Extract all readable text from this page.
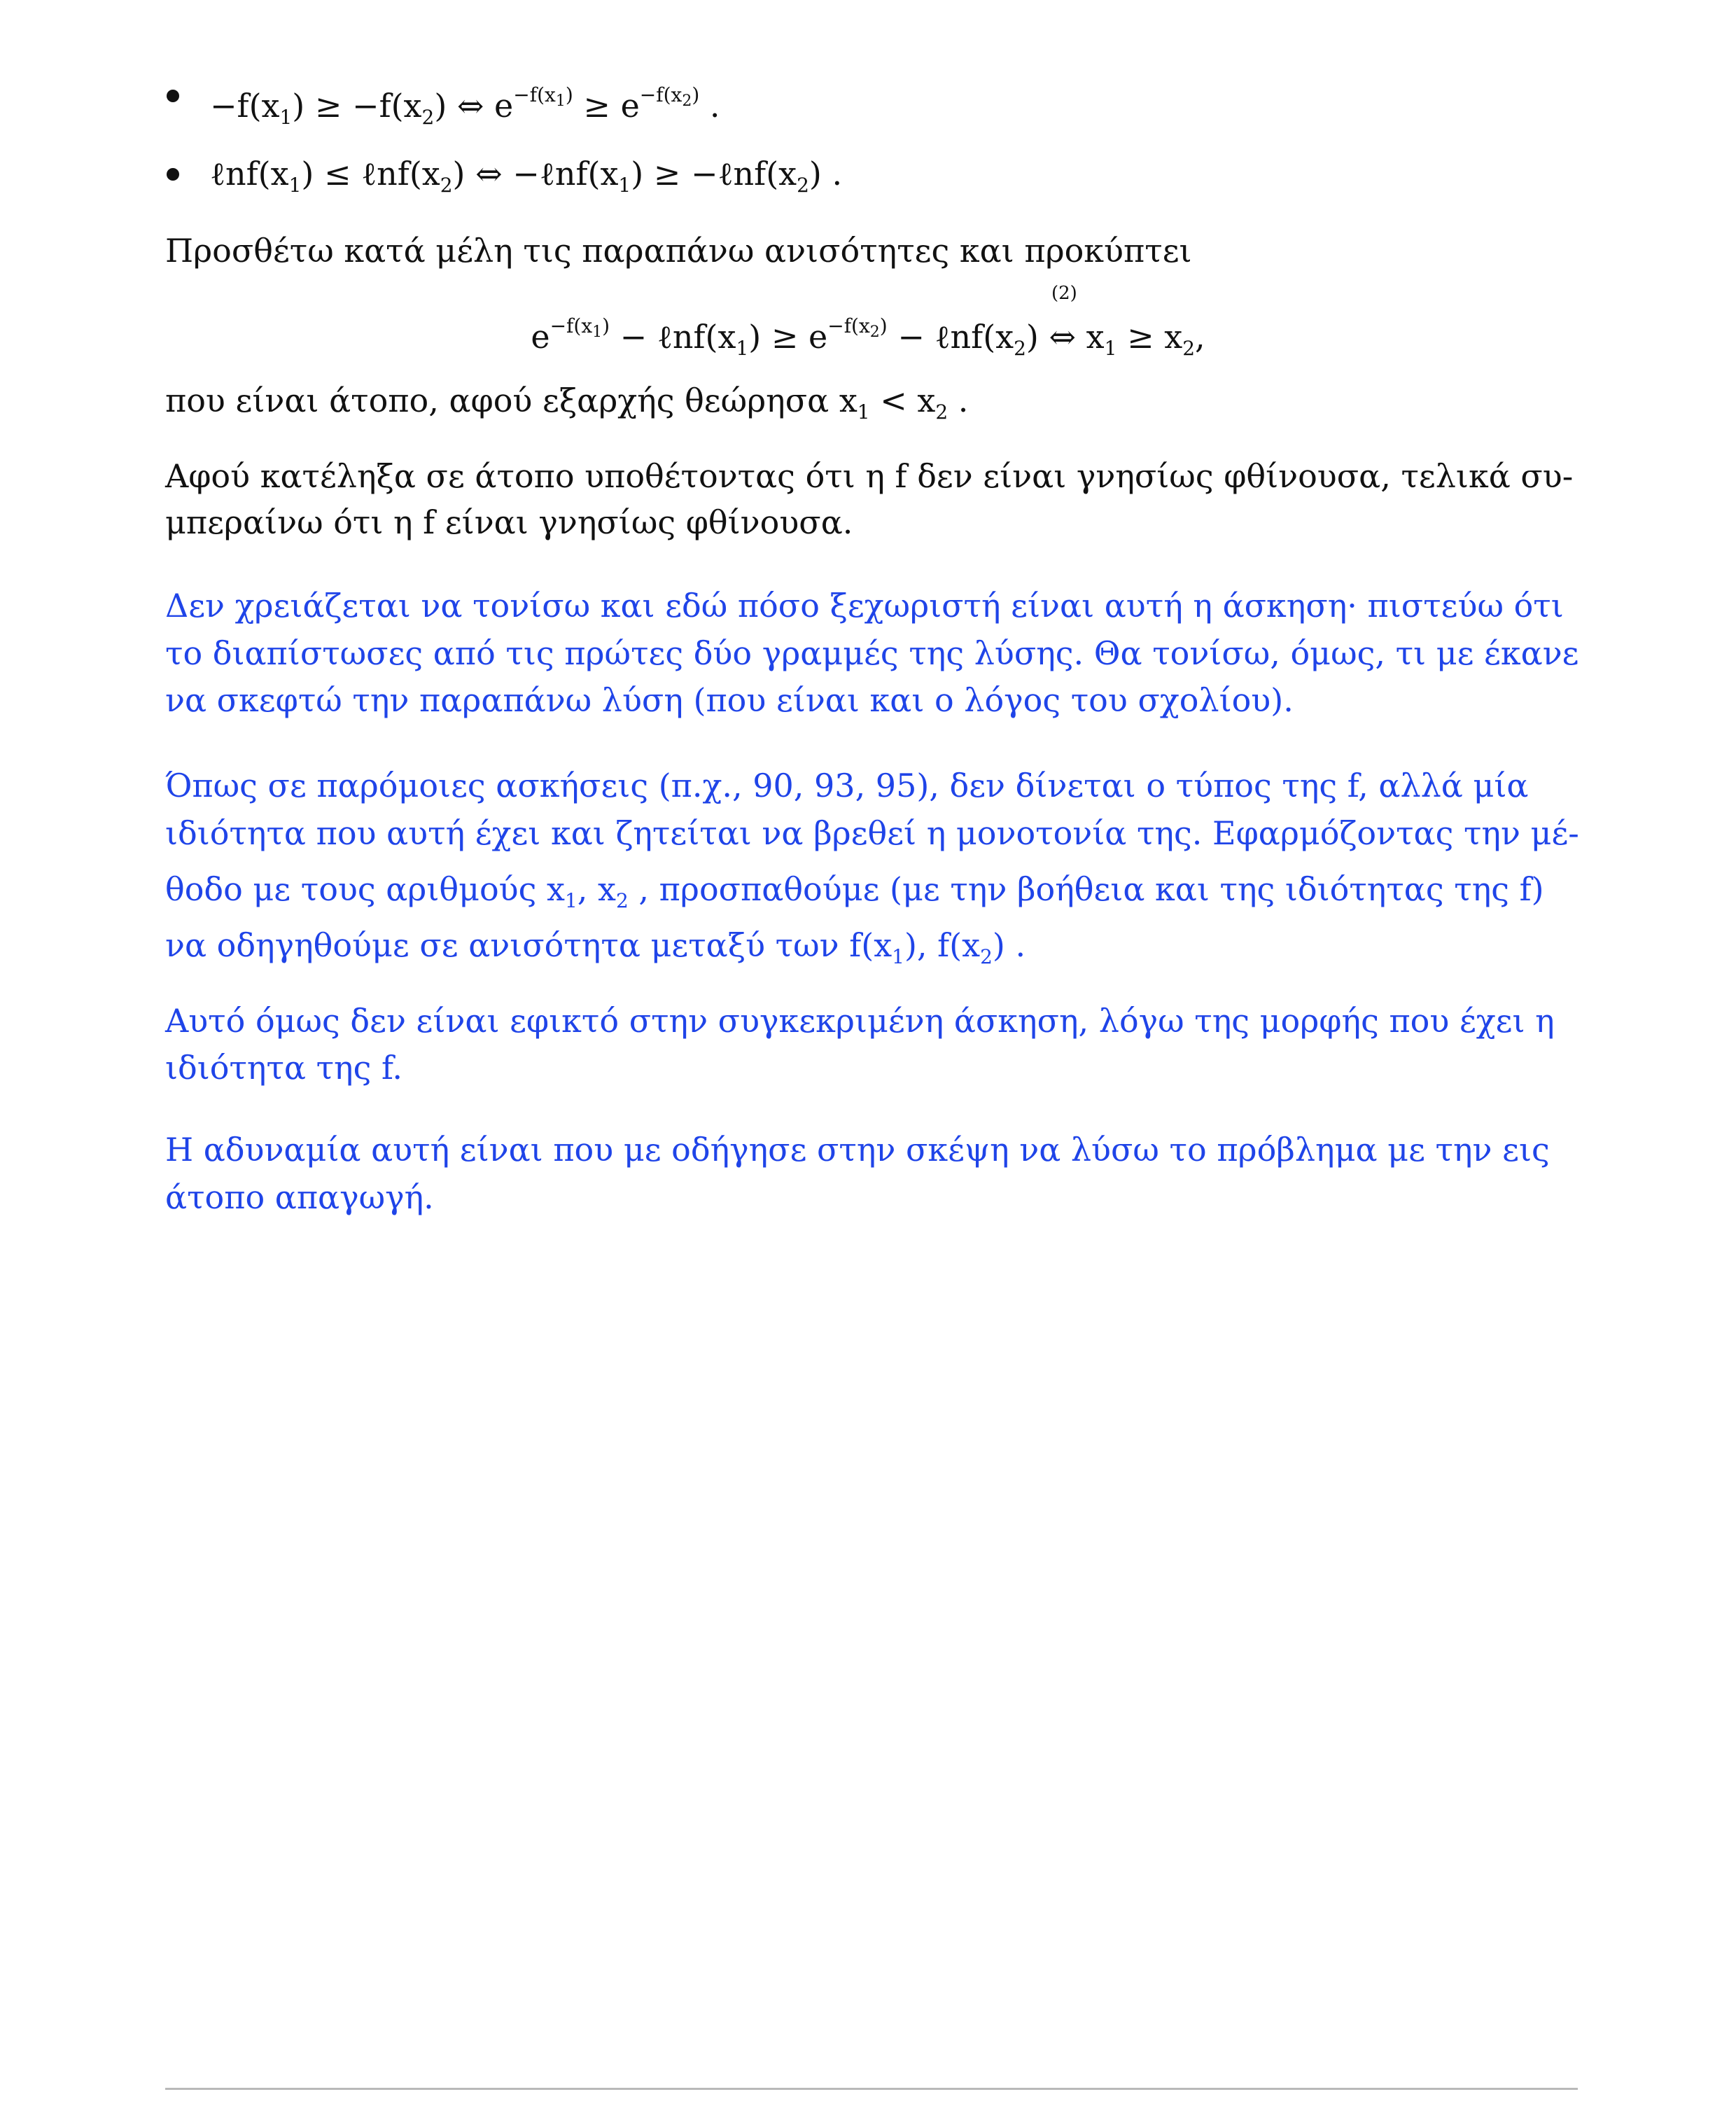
$-f(x_1) \ge -f(x_2)$ ⇔ $e^{-f(x_1)} \ge e^{-f(x_2)}$ .
$\ell nf(x_1)$ ≤ $\ell nf(x_2)$ ⇔ $-\ell nf(x_1)$ ≥ $-\ell nf(x_2)$ .
Προσθέτω κατά μέλη τις παραπάνω ανισότητες και προκύπτει
$e^{-f(x_1)}$ − $\ell nf(x_1) \ge e^{-f(x_2)}$ − $\ell nf(x_2)$ ⇔ $x_1 \ge x_2$,
(2)
που είναι άτοπο, αφού εξαρχής θεώρησα $x_1 < x_2$ .
Αφού κατέληξα σε άτοπο υποθέτοντας ότι η f δεν είναι γνησίως φθίνουσα, τελικά συ-
μπεραίνω ότι η f είναι γνησίως φθίνουσα.
Δεν χρειάζεται να τονίσω και εδώ πόσο ξεχωριστή είναι αυτή η άσκηση· πιστεύω ότι
το διαπίστωσες από τις πρώτες δύο γραμμές της λύσης. Θα τονίσω, όμως, τι με έκανε
να σκεφτώ την παραπάνω λύση (που είναι και ο λόγος του σχολίου).
Όπως σε παρόμοιες ασκήσεις (π.χ., 90, 93, 95), δεν δίνεται ο τύπος της f, αλλά μία
ιδιότητα που αυτή έχει και ζητείται να βρεθεί η μονοτονία της. Εφαρμόζοντας την μέ-
θοδο με τους αριθμούς $x_1$, $x_2$ , προσπαθούμε (με την βοήθεια και της ιδιότητας της f)
να οδηγηθούμε σε ανισότητα μεταξύ των $f(x_1)$, $f(x_2)$ .
Αυτό όμως δεν είναι εφικτό στην συγκεκριμένη άσκηση, λόγω της μορφής που έχει η
ιδιότητα της f.
Η αδυναμία αυτή είναι που με οδήγησε στην σκέψη να λύσω το πρόβλημα με την εις
άτοπο απαγωγή.
